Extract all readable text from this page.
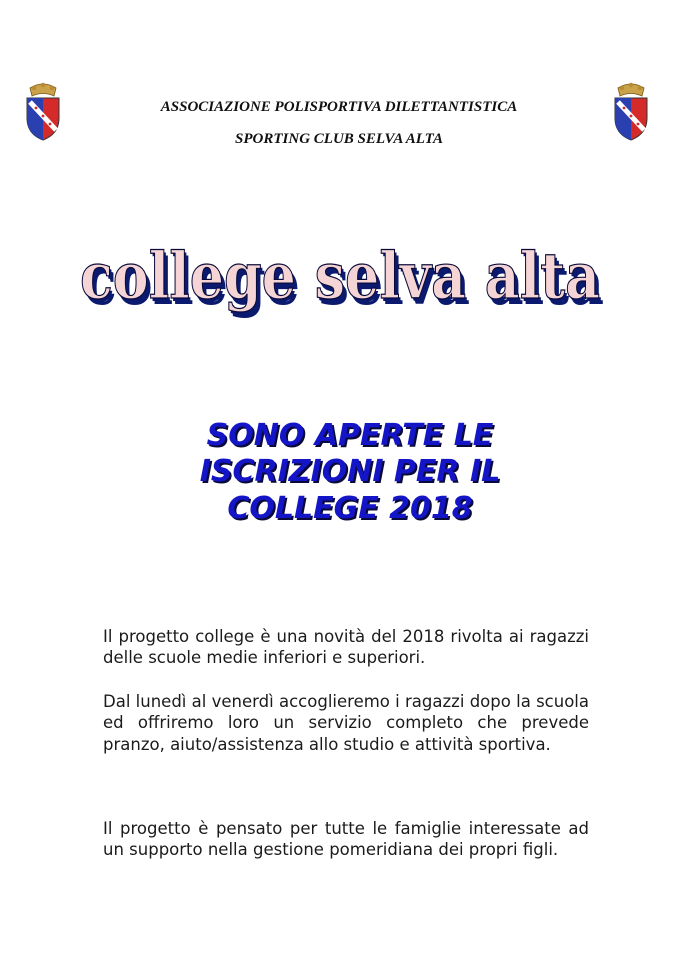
ASSOCIAZIONE POLISPORTIVA DILETTANTISTICA
SPORTING CLUB SELVA ALTA
college selva alta
college selva alta
college selva alta
SONO APERTE LE
ISCRIZIONI PER IL
COLLEGE 2018

Il progetto college è una novità del 2018 rivolta ai ragazzi delle scuole medie inferiori e superiori.

Dal lunedì al venerdì accoglieremo i ragazzi dopo la scuola ed offriremo loro un servizio completo che prevede pranzo, aiuto/assistenza allo studio e attività sportiva.

Il progetto è pensato per tutte le famiglie interessate ad un supporto nella gestione pomeridiana dei propri figli.
